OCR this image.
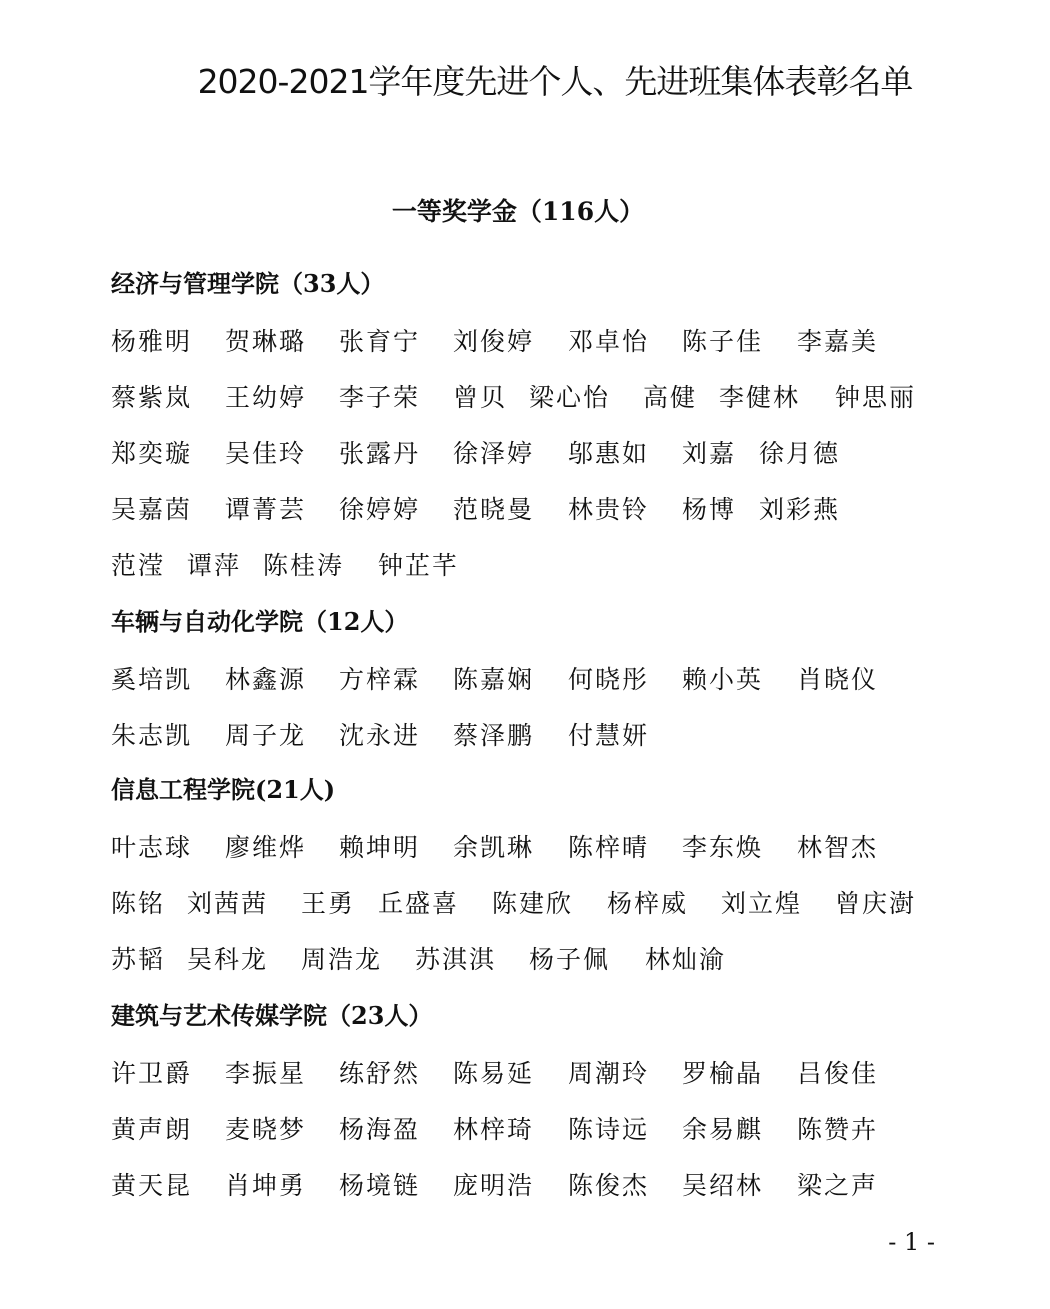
2020-2021学年度先进个人、先进班集体表彰名单
一等奖学金（116人）
经济与管理学院（33人）
杨雅明 贺琳璐 张育宁 刘俊婷 邓卓怡 陈子佳 李嘉美
蔡紫岚 王幼婷 李子荣 曾贝 梁心怡 高健 李健林 钟思丽
郑奕璇 吴佳玲 张露丹 徐泽婷 邬惠如 刘嘉 徐月德
吴嘉茵 谭菁芸 徐婷婷 范晓曼 林贵铃 杨博 刘彩燕
范滢 谭萍 陈桂涛 钟芷芊
车辆与自动化学院（12人）
奚培凯 林鑫源 方梓霖 陈嘉娴 何晓彤 赖小英 肖晓仪
朱志凯 周子龙 沈永进 蔡泽鹏 付慧妍
信息工程学院(21人)
叶志球 廖维烨 赖坤明 余凯琳 陈梓晴 李东焕 林智杰
陈铭 刘茜茜 王勇 丘盛喜 陈建欣 杨梓威 刘立煌 曾庆澍
苏韬 吴科龙 周浩龙 苏淇淇 杨子佩 林灿渝
建筑与艺术传媒学院（23人）
许卫爵 李振星 练舒然 陈易延 周潮玲 罗榆晶 吕俊佳
黄声朗 麦晓梦 杨海盈 林梓琦 陈诗远 余易麒 陈赞卉
黄天昆 肖坤勇 杨境链 庞明浩 陈俊杰 吴绍林 梁之声
- 1 -
